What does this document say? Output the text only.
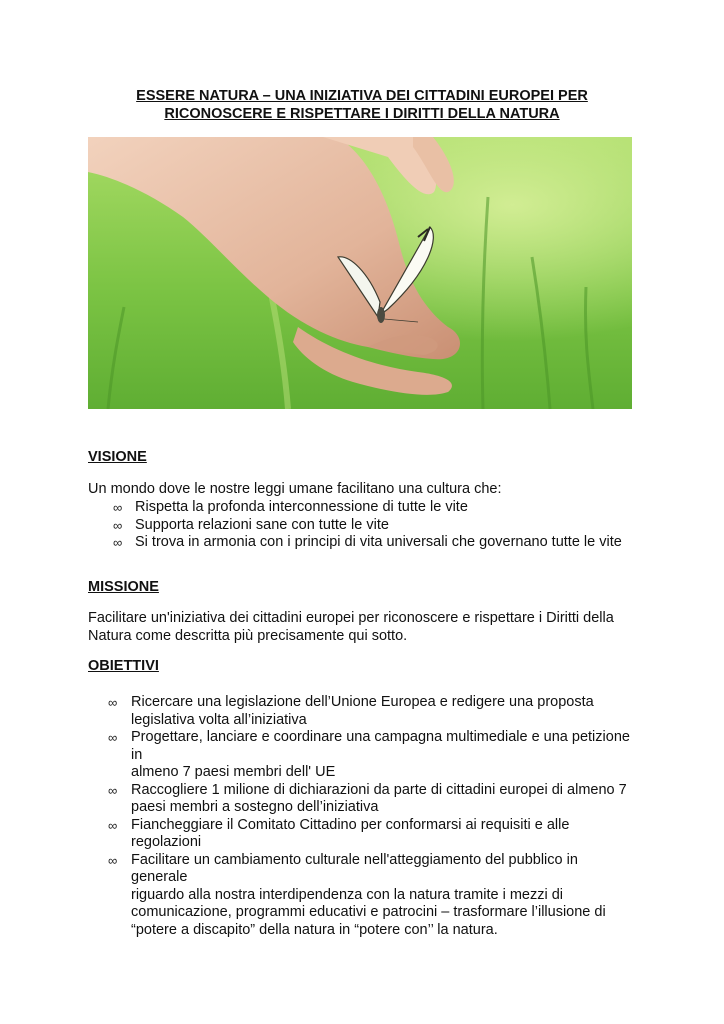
ESSERE NATURA – UNA INIZIATIVA DEI CITTADINI EUROPEI PER
RICONOSCERE E RISPETTARE I DIRITTI DELLA NATURA
VISIONE
Un mondo dove le nostre leggi umane facilitano una cultura che:
∞ Rispetta la profonda interconnessione di tutte le vite
∞ Supporta relazioni sane con tutte le vite
∞ Si trova in armonia con i principi di vita universali che governano tutte le vite
MISSIONE
Facilitare un'iniziativa dei cittadini europei per riconoscere e rispettare i Diritti della
Natura come descritta più precisamente qui sotto.
OBIETTIVI
∞ Ricercare una legislazione dell’Unione Europea e redigere una proposta
legislativa volta all’iniziativa
∞ Progettare, lanciare e coordinare una campagna multimediale e una petizione in
almeno 7 paesi membri dell' UE
∞ Raccogliere 1 milione di dichiarazioni da parte di cittadini europei di almeno 7
paesi membri a sostegno dell’iniziativa
∞ Fiancheggiare il Comitato Cittadino per conformarsi ai requisiti e alle regolazioni
∞ Facilitare un cambiamento culturale nell'atteggiamento del pubblico in generale
riguardo alla nostra interdipendenza con la natura tramite i mezzi di
comunicazione, programmi educativi e patrocini – trasformare l’illusione di
“potere a discapito” della natura in “potere con’’ la natura.
